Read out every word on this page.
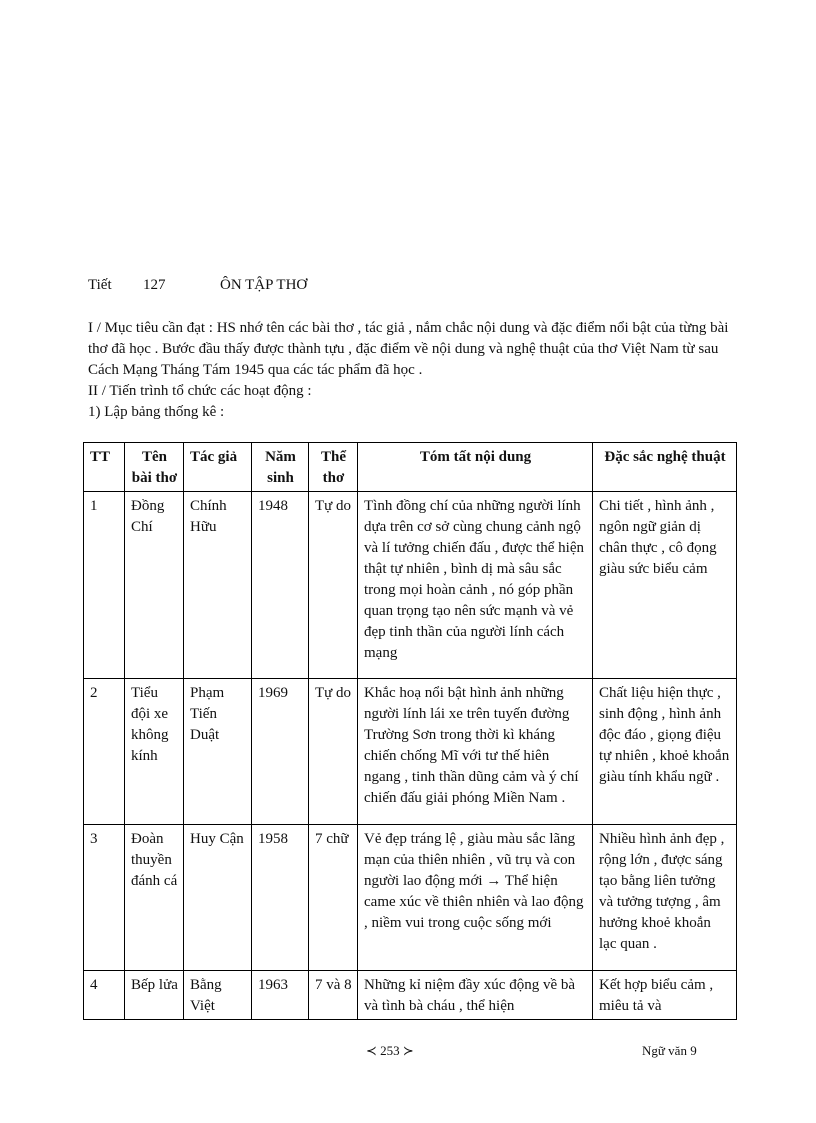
Tiết 127	ÔN TẬP THƠ

I / Mục tiêu cần đạt : HS nhớ tên các bài thơ , tác giả , nắm chắc nội dung và đặc điểm nổi bật của từng bài thơ đã học . Bước đầu thấy được thành tựu , đặc điểm về nội dung và nghệ thuật của thơ Việt Nam từ sau Cách Mạng Tháng Tám 1945 qua các tác phẩm đã học .

II / Tiến trình tổ chức các hoạt động :

1) Lập bảng thống kê :

TT	Tên bài thơ	Tác giả	Năm sinh	Thể thơ	Tóm tất nội dung	Đặc sắc nghệ thuật
1	Đồng Chí	Chính Hữu	1948	Tự do	Tình đồng chí của những người lính dựa trên cơ sở cùng chung cảnh ngộ và lí tưởng chiến đấu , được thể hiện thật tự nhiên , bình dị mà sâu sắc trong mọi hoàn cảnh , nó góp phần quan trọng tạo nên sức mạnh và vẻ đẹp tinh thần của người lính cách mạng	Chi tiết , hình ảnh , ngôn ngữ giản dị chân thực , cô đọng giàu sức biểu cảm
2	Tiểu đội xe không kính	Phạm Tiến Duật	1969	Tự do	Khắc hoạ nổi bật hình ảnh những người lính lái xe trên tuyến đường Trường Sơn trong thời kì kháng chiến chống Mĩ với tư thế hiên ngang , tinh thần dũng cảm và ý chí chiến đấu giải phóng Miền Nam .	Chất liệu hiện thực , sinh động , hình ảnh độc đáo , giọng điệu tự nhiên , khoẻ khoắn giàu tính khẩu ngữ .
3	Đoàn thuyền đánh cá	Huy Cận	1958	7 chữ	Vẻ đẹp tráng lệ , giàu màu sắc lãng mạn của thiên nhiên , vũ trụ và con người lao động mới → Thể hiện came xúc về thiên nhiên và lao động , niềm vui trong cuộc sống mới	Nhiều hình ảnh đẹp , rộng lớn , được sáng tạo bằng liên tưởng và tưởng tượng , âm hưởng khoẻ khoắn lạc quan .
4	Bếp lửa	Bằng Việt	1963	7 và 8	Những kỉ niệm đầy xúc động về bà và tình bà cháu , thể hiện	Kết hợp biểu cảm , miêu tả và
≺ 253 ≻	Ngữ văn 9
